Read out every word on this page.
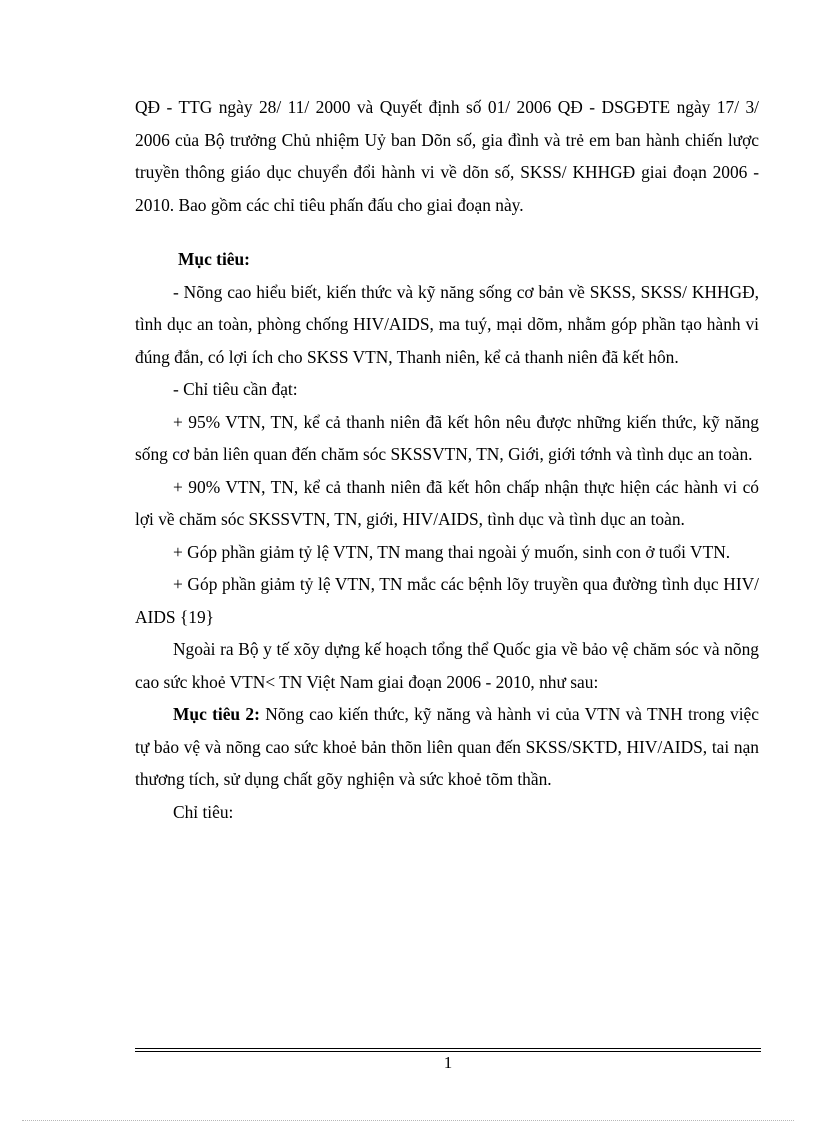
QĐ - TTG ngày 28/ 11/ 2000 và Quyết định số 01/ 2006 QĐ - DSGĐTE ngày 17/ 3/ 2006 của Bộ trưởng Chủ nhiệm Uỷ ban Dõn số, gia đình và trẻ em ban hành chiến lược truyền thông giáo dục chuyển đổi hành vi về dõn số, SKSS/ KHHGĐ giai đoạn 2006 - 2010. Bao gồm các chỉ tiêu phấn đấu cho giai đoạn này.

Mục tiêu:

- Nõng cao hiểu biết, kiến thức và kỹ năng sống cơ bản về SKSS, SKSS/ KHHGĐ, tình dục an toàn, phòng chống HIV/AIDS, ma tuý, mại dõm, nhằm góp phần tạo hành vi đúng đắn, có lợi ích cho SKSS VTN, Thanh niên, kể cả thanh niên đã kết hôn.

- Chỉ tiêu cần đạt:

+ 95% VTN, TN, kể cả thanh niên đã kết hôn nêu được những kiến thức, kỹ năng sống cơ bản liên quan đến chăm sóc SKSSVTN, TN, Giới, giới tớnh và tình dục an toàn.

+ 90% VTN, TN, kể cả thanh niên đã kết hôn chấp nhận thực hiện các hành vi có lợi về chăm sóc SKSSVTN, TN, giới, HIV/AIDS, tình dục và tình dục an toàn.

+ Góp phần giảm tỷ lệ VTN, TN mang thai ngoài ý muốn, sinh con ở tuổi VTN.

+ Góp phần giảm tỷ lệ VTN, TN mắc các bệnh lõy truyền qua đường tình dục HIV/ AIDS {19}

Ngoài ra Bộ y tế xõy dựng kế hoạch tổng thể Quốc gia về bảo vệ chăm sóc và nõng cao sức khoẻ VTN< TN Việt Nam giai đoạn 2006 - 2010, như sau:

Mục tiêu 2: Nõng cao kiến thức, kỹ năng và hành vi của VTN và TNH trong việc tự bảo vệ và nõng cao sức khoẻ bản thõn liên quan đến SKSS/SKTD, HIV/AIDS, tai nạn thương tích, sử dụng chất gõy nghiện và sức khoẻ tõm thần.

Chỉ tiêu:

1
